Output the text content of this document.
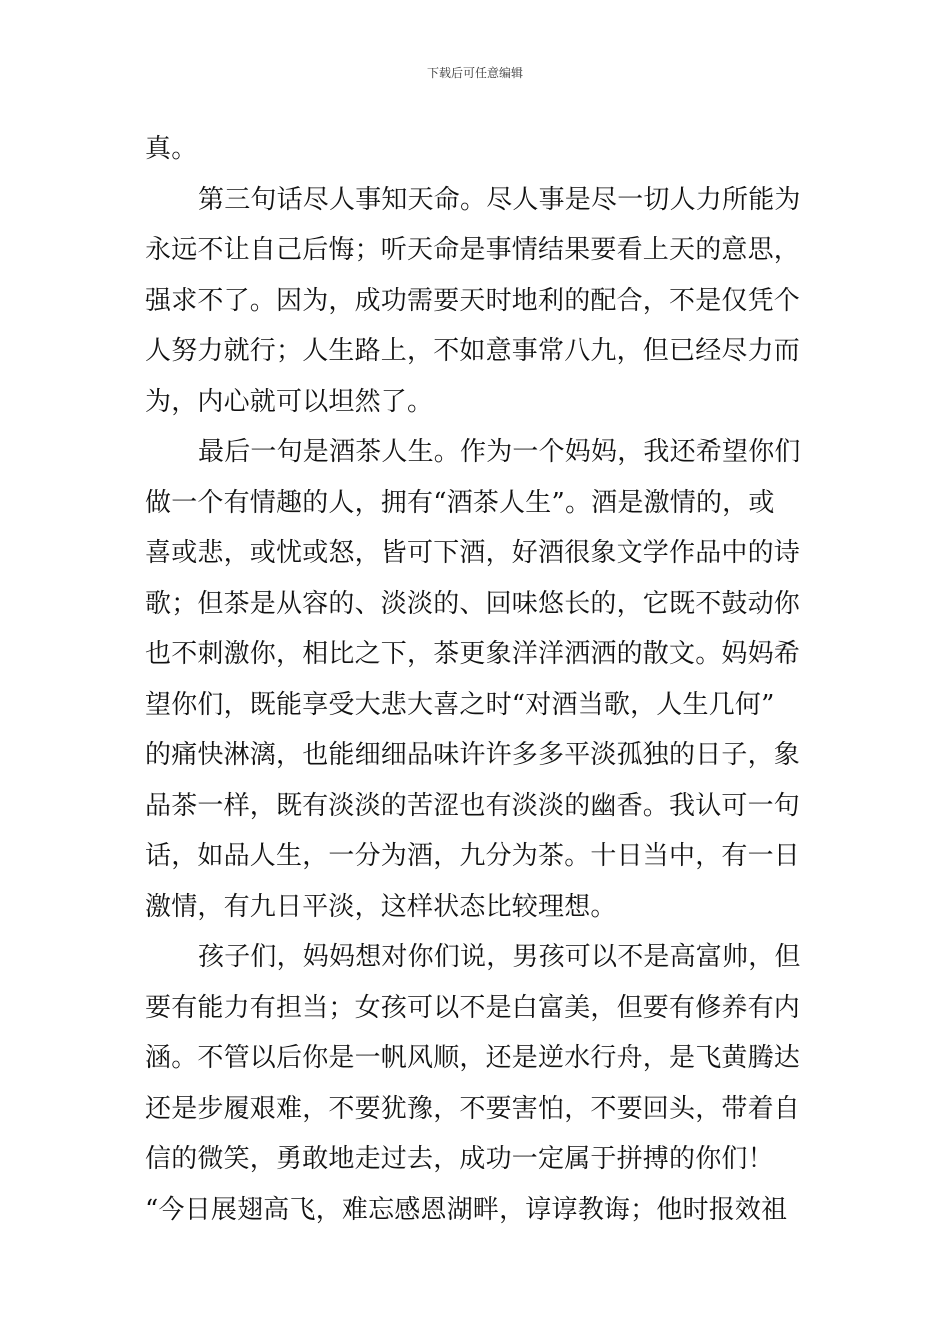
下载后可任意编辑
真。
第三句话尽人事知天命。尽人事是尽一切人力所能为
永远不让自己后悔；听天命是事情结果要看上天的意思，
强求不了。因为，成功需要天时地利的配合，不是仅凭个
人努力就行；人生路上，不如意事常八九，但已经尽力而
为，内心就可以坦然了。
最后一句是酒茶人生。作为一个妈妈，我还希望你们
做一个有情趣的人，拥有“酒茶人生”。酒是激情的，或
喜或悲，或忧或怒，皆可下酒，好酒很象文学作品中的诗
歌；但茶是从容的、淡淡的、回味悠长的，它既不鼓动你
也不刺激你，相比之下，茶更象洋洋洒洒的散文。妈妈希
望你们，既能享受大悲大喜之时“对酒当歌，人生几何”
的痛快淋漓，也能细细品味许许多多平淡孤独的日子，象
品茶一样，既有淡淡的苦涩也有淡淡的幽香。我认可一句
话，如品人生，一分为酒，九分为茶。十日当中，有一日
激情，有九日平淡，这样状态比较理想。
孩子们，妈妈想对你们说，男孩可以不是高富帅，但
要有能力有担当；女孩可以不是白富美，但要有修养有内
涵。不管以后你是一帆风顺，还是逆水行舟，是飞黄腾达
还是步履艰难，不要犹豫，不要害怕，不要回头，带着自
信的微笑，勇敢地走过去，成功一定属于拼搏的你们！
“今日展翅高飞，难忘感恩湖畔，谆谆教诲；他时报效祖
